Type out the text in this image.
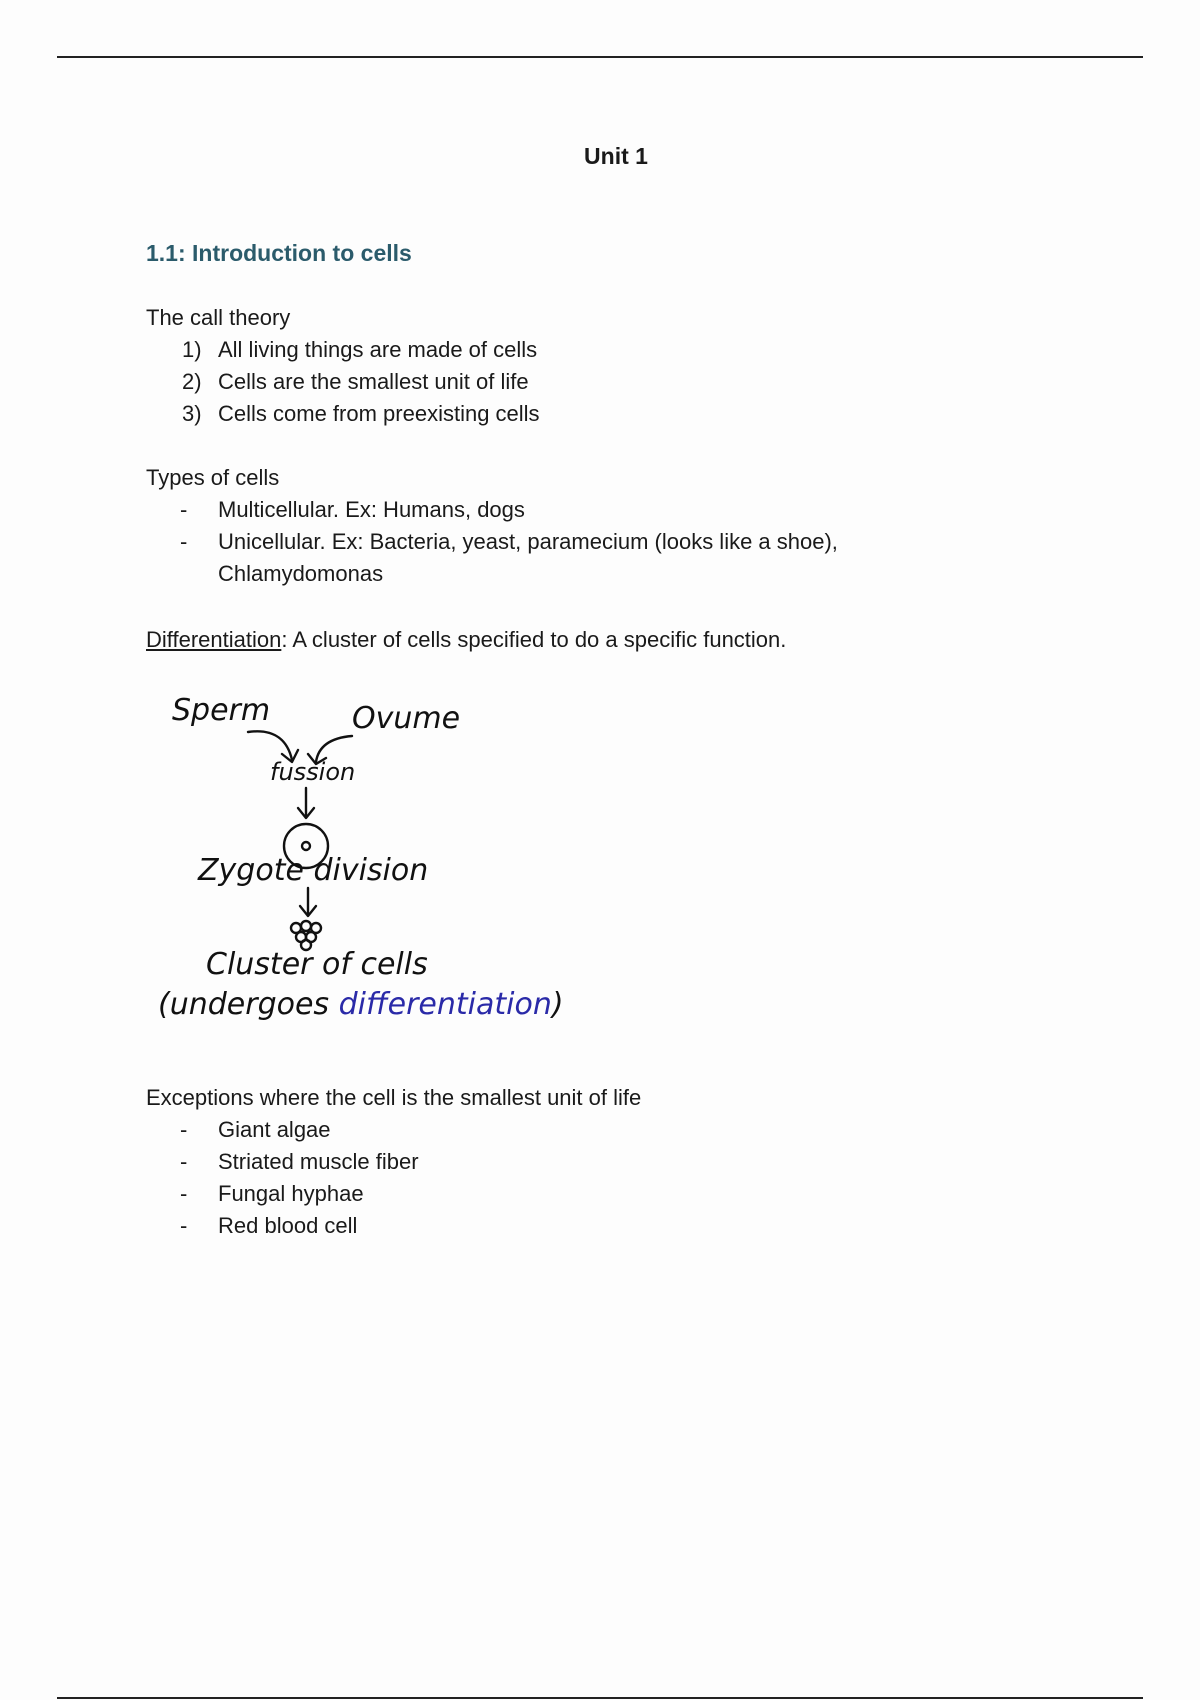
Unit 1
1.1: Introduction to cells

The call theory

1) All living things are made of cells
2) Cells are the smallest unit of life
3) Cells come from preexisting cells

Types of cells

- Multicellular. Ex: Humans, dogs
- Unicellular. Ex: Bacteria, yeast, paramecium (looks like a shoe), Chlamydomonas

Differentiation: A cluster of cells specified to do a specific function.

Sperm	Ovume
fussion
Zygote division
Cluster of cells
(undergoes differentiation)

Exceptions where the cell is the smallest unit of life

- Giant algae
- Striated muscle fiber
- Fungal hyphae
- Red blood cell
